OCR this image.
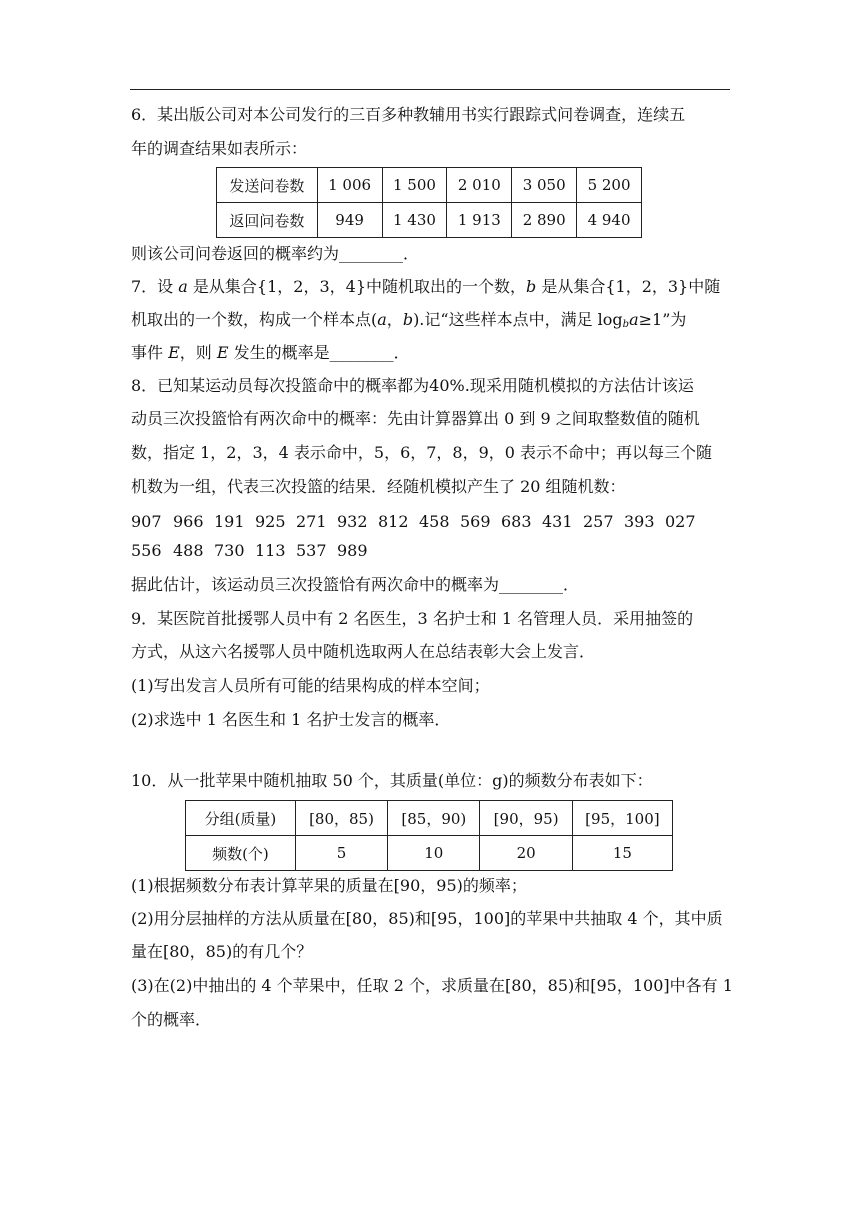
6．某出版公司对本公司发行的三百多种教辅用书实行跟踪式问卷调查，连续五
年的调查结果如表所示：
发送问卷数	1 006	1 500	2 010	3 050	5 200
返回问卷数	949	1 430	1 913	2 890	4 940
则该公司问卷返回的概率约为________．
7．设 a 是从集合{1，2，3，4}中随机取出的一个数，b 是从集合{1，2，3}中随
机取出的一个数，构成一个样本点(a，b).记“这些样本点中，满足 $\log_ba\ge 1$”为
事件 E，则 E 发生的概率是________．
8．已知某运动员每次投篮命中的概率都为40%.现采用随机模拟的方法估计该运
动员三次投篮恰有两次命中的概率：先由计算器算出 0 到 9 之间取整数值的随机
数，指定 1，2，3，4 表示命中，5，6，7，8，9，0 表示不命中；再以每三个随
机数为一组，代表三次投篮的结果．经随机模拟产生了 20 组随机数：
907 966 191 925 271 932 812 458 569 683 431 257 393 027
556 488 730 113 537 989
据此估计，该运动员三次投篮恰有两次命中的概率为________．
9．某医院首批援鄂人员中有 2 名医生，3 名护士和 1 名管理人员．采用抽签的
方式，从这六名援鄂人员中随机选取两人在总结表彰大会上发言．
(1)写出发言人员所有可能的结果构成的样本空间；
(2)求选中 1 名医生和 1 名护士发言的概率．
10．从一批苹果中随机抽取 50 个，其质量(单位：g)的频数分布表如下：
分组(质量)	[80，85)	[85，90)	[90，95)	[95，100]
频数(个)	5	10	20	15
(1)根据频数分布表计算苹果的质量在[90，95)的频率；
(2)用分层抽样的方法从质量在[80，85)和[95，100]的苹果中共抽取 4 个，其中质
量在[80，85)的有几个？
(3)在(2)中抽出的 4 个苹果中，任取 2 个，求质量在[80，85)和[95，100]中各有 1
个的概率．
